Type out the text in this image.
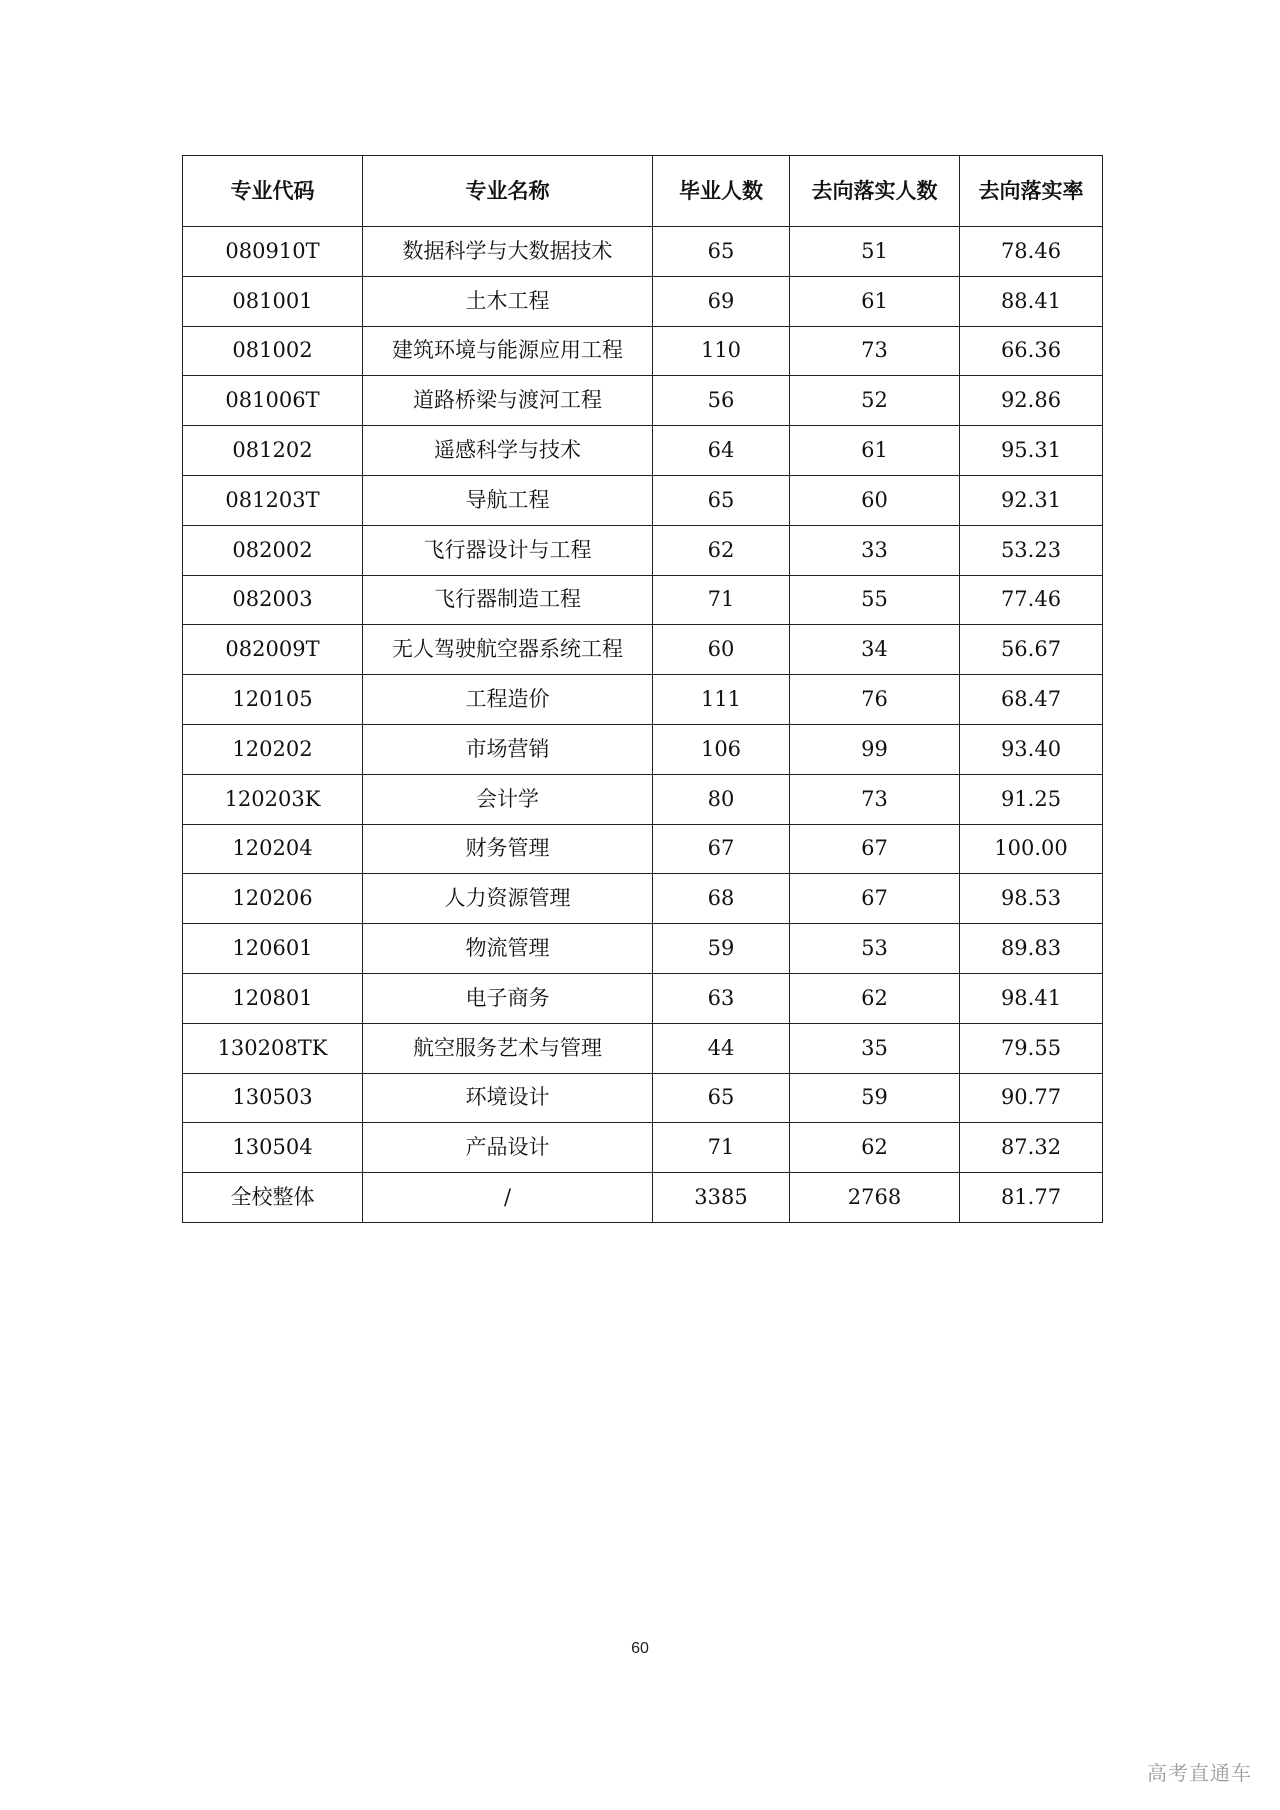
专业代码	专业名称	毕业人数	去向落实人数	去向落实率
080910T	数据科学与大数据技术	65	51	78.46
081001	土木工程	69	61	88.41
081002	建筑环境与能源应用工程	110	73	66.36
081006T	道路桥梁与渡河工程	56	52	92.86
081202	遥感科学与技术	64	61	95.31
081203T	导航工程	65	60	92.31
082002	飞行器设计与工程	62	33	53.23
082003	飞行器制造工程	71	55	77.46
082009T	无人驾驶航空器系统工程	60	34	56.67
120105	工程造价	111	76	68.47
120202	市场营销	106	99	93.40
120203K	会计学	80	73	91.25
120204	财务管理	67	67	100.00
120206	人力资源管理	68	67	98.53
120601	物流管理	59	53	89.83
120801	电子商务	63	62	98.41
130208TK	航空服务艺术与管理	44	35	79.55
130503	环境设计	65	59	90.77
130504	产品设计	71	62	87.32
全校整体	/	3385	2768	81.77
60
高考直通车
